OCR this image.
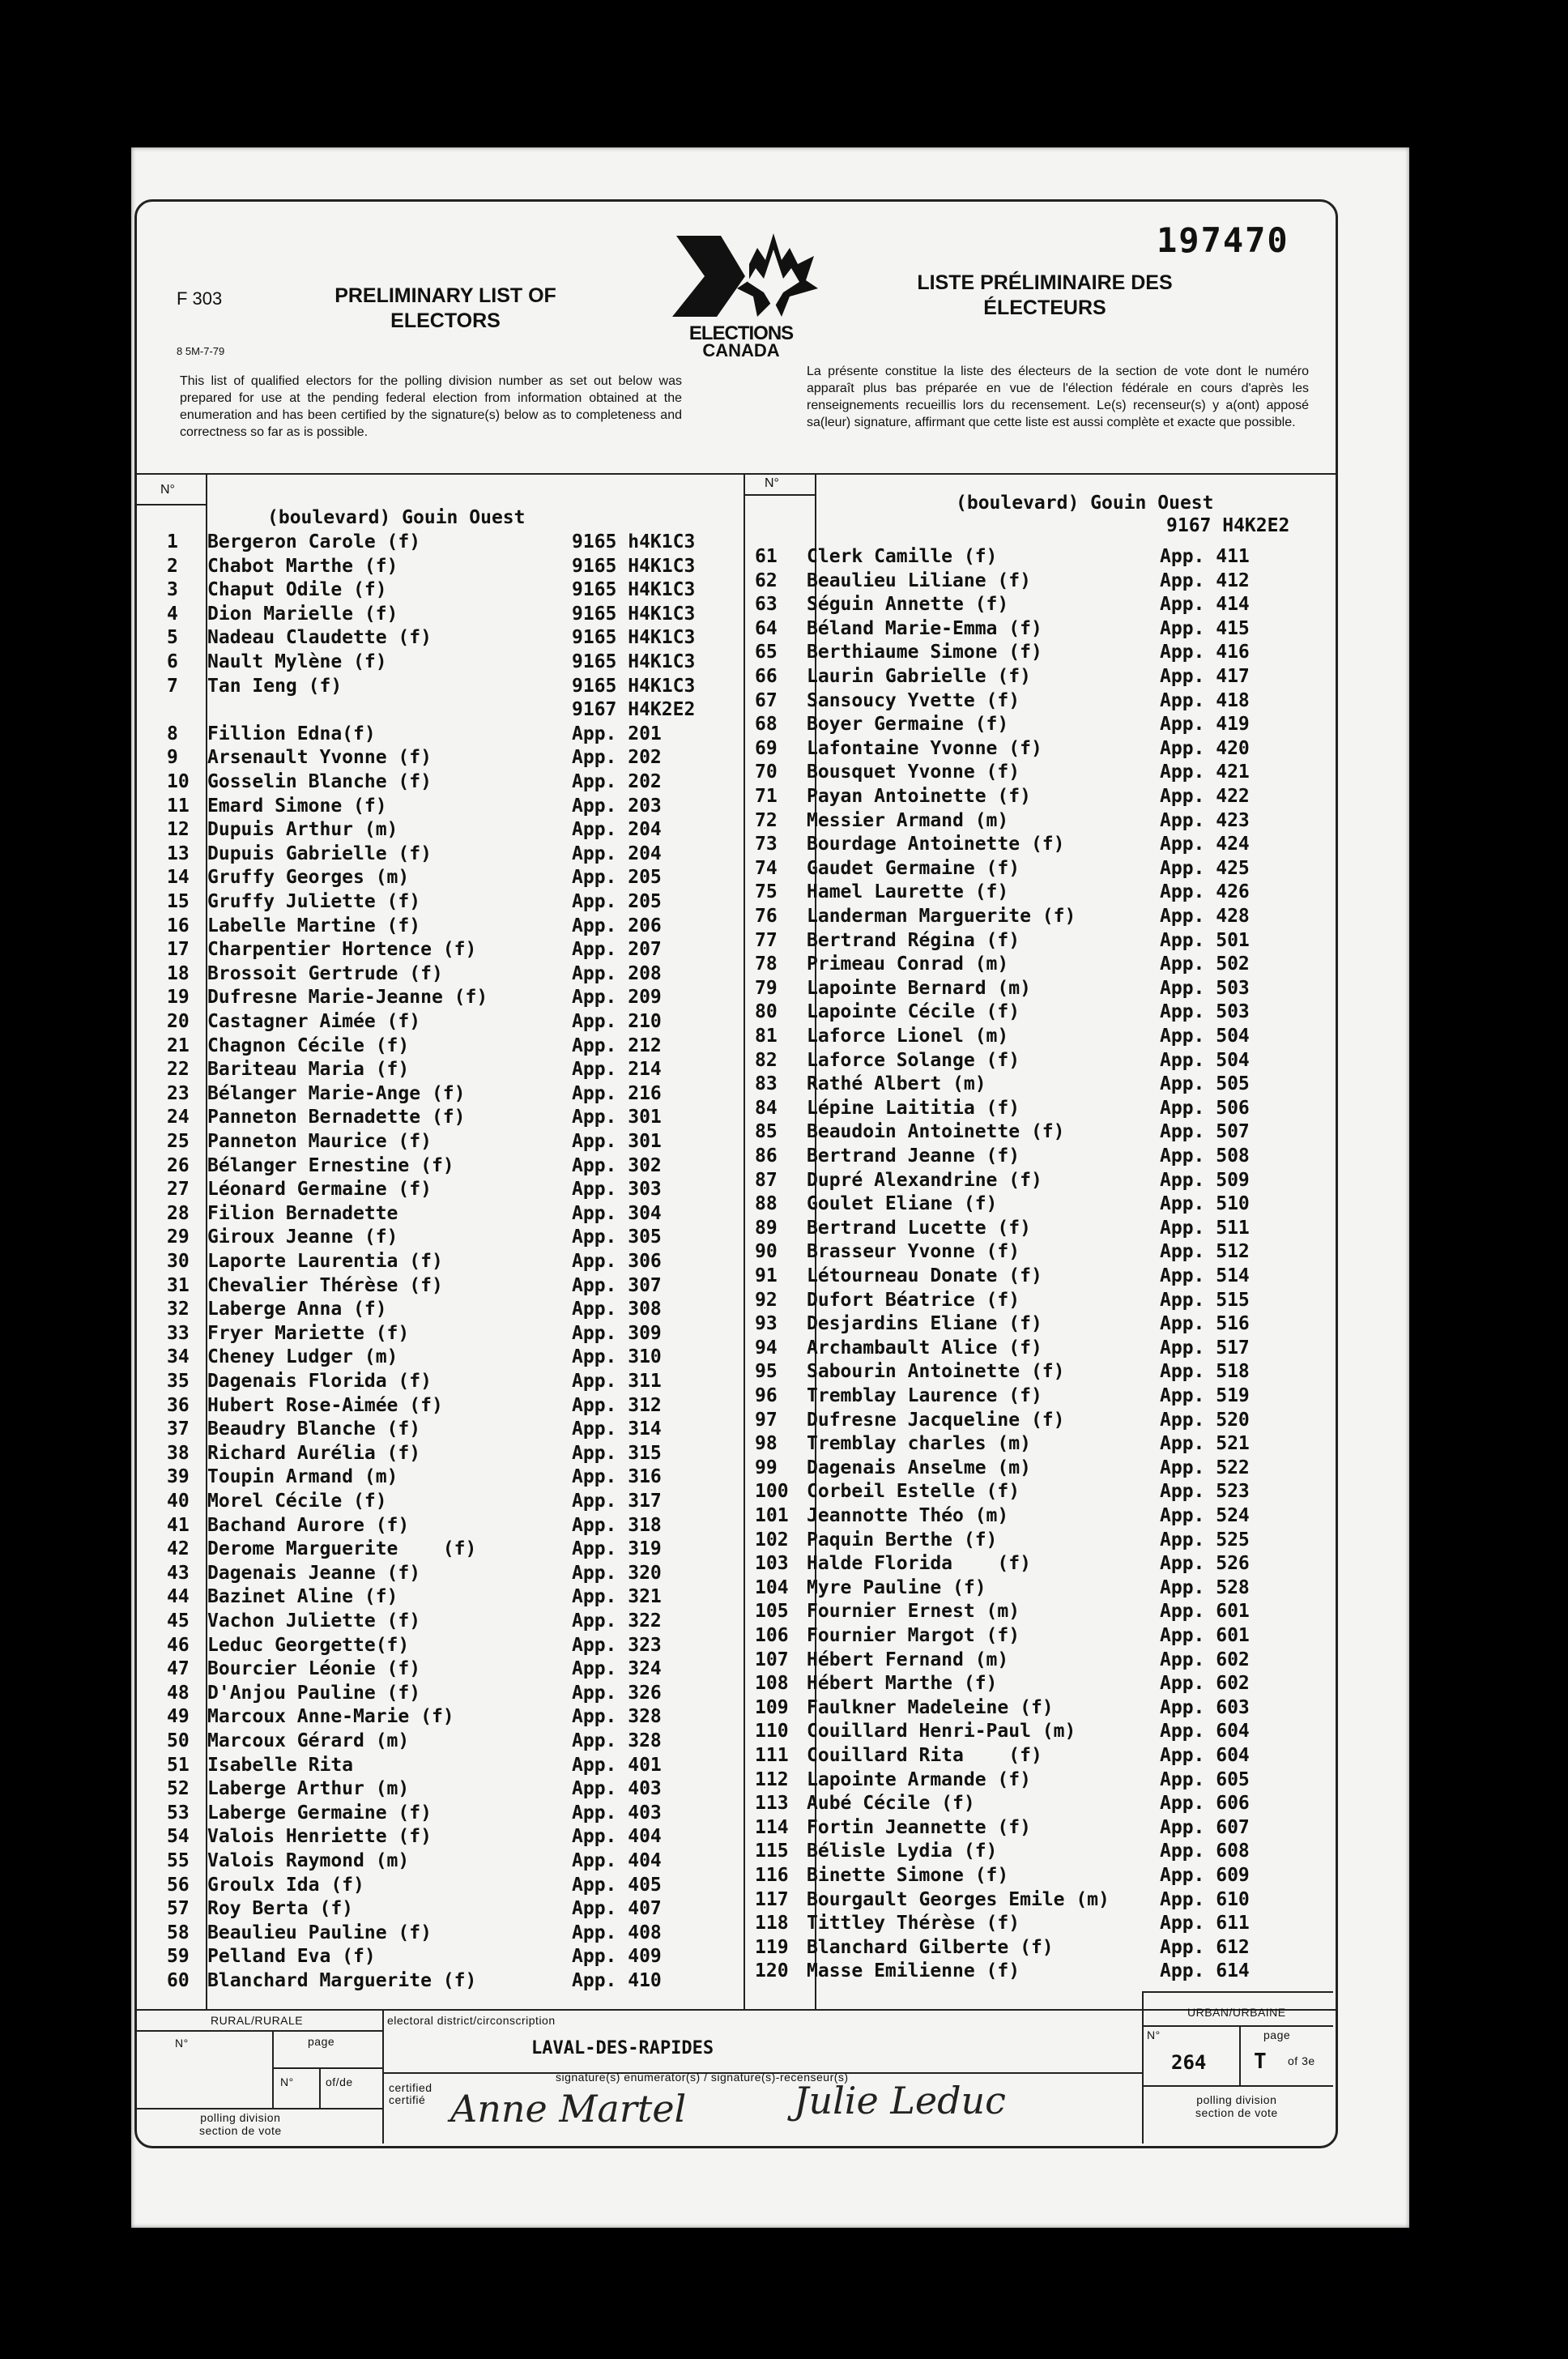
F 303
8 5M-7-79
PRELIMINARY LIST OF
ELECTORS
ELECTIONS
CANADA
197470
LISTE PRÉLIMINAIRE DES
ÉLECTEURS
This list of qualified electors for the polling division number as set out below was prepared for use at the pending federal election from information obtained at the enumeration and has been certified by the signature(s) below as to completeness and correctness so far as is possible.
La présente constitue la liste des électeurs de la section de vote dont le numéro apparaît plus bas préparée en vue de l'élection fédérale en cours d'après les renseignements recueillis lors du recensement. Le(s) recenseur(s) y a(ont) apposé sa(leur) signature, affirmant que cette liste est aussi complète et exacte que possible.
N°	N°
(boulevard) Gouin Ouest
(boulevard) Gouin Ouest
9167 H4K2E2
1 Bergeron Carole (f)	9165 h4K1C3
2 Chabot Marthe (f)	9165 H4K1C3
3 Chaput Odile (f)	9165 H4K1C3
4 Dion Marielle (f)	9165 H4K1C3
5 Nadeau Claudette (f)	9165 H4K1C3
6 Nault Mylène (f)	9165 H4K1C3
7 Tan Ieng (f)	9165 H4K1C3
9167 H4K2E2
8 Fillion Edna(f)	App. 201
9 Arsenault Yvonne (f)	App. 202
10 Gosselin Blanche (f)	App. 202
11 Emard Simone (f)	App. 203
12 Dupuis Arthur (m)	App. 204
13 Dupuis Gabrielle (f)	App. 204
14 Gruffy Georges (m)	App. 205
15 Gruffy Juliette (f)	App. 205
16 Labelle Martine (f)	App. 206
17 Charpentier Hortence (f)	App. 207
18 Brossoit Gertrude (f)	App. 208
19 Dufresne Marie-Jeanne (f)	App. 209
20 Castagner Aimée (f)	App. 210
21 Chagnon Cécile (f)	App. 212
22 Bariteau Maria (f)	App. 214
23 Bélanger Marie-Ange (f)	App. 216
24 Panneton Bernadette (f)	App. 301
25 Panneton Maurice (f)	App. 301
26 Bélanger Ernestine (f)	App. 302
27 Léonard Germaine (f)	App. 303
28 Filion Bernadette	App. 304
29 Giroux Jeanne (f)	App. 305
30 Laporte Laurentia (f)	App. 306
31 Chevalier Thérèse (f)	App. 307
32 Laberge Anna (f)	App. 308
33 Fryer Mariette (f)	App. 309
34 Cheney Ludger (m)	App. 310
35 Dagenais Florida (f)	App. 311
36 Hubert Rose-Aimée (f)	App. 312
37 Beaudry Blanche (f)	App. 314
38 Richard Aurélia (f)	App. 315
39 Toupin Armand (m)	App. 316
40 Morel Cécile (f)	App. 317
41 Bachand Aurore (f)	App. 318
42 Derome Marguerite    (f)	App. 319
43 Dagenais Jeanne (f)	App. 320
44 Bazinet Aline (f)	App. 321
45 Vachon Juliette (f)	App. 322
46 Leduc Georgette(f)	App. 323
47 Bourcier Léonie (f)	App. 324
48 D'Anjou Pauline (f)	App. 326
49 Marcoux Anne-Marie (f)	App. 328
50 Marcoux Gérard (m)	App. 328
51 Isabelle Rita	App. 401
52 Laberge Arthur (m)	App. 403
53 Laberge Germaine (f)	App. 403
54 Valois Henriette (f)	App. 404
55 Valois Raymond (m)	App. 404
56 Groulx Ida (f)	App. 405
57 Roy Berta (f)	App. 407
58 Beaulieu Pauline (f)	App. 408
59 Pelland Eva (f)	App. 409
60 Blanchard Marguerite (f)	App. 410
61 Clerk Camille (f)	App. 411
62 Beaulieu Liliane (f)	App. 412
63 Séguin Annette (f)	App. 414
64 Béland Marie-Emma (f)	App. 415
65 Berthiaume Simone (f)	App. 416
66 Laurin Gabrielle (f)	App. 417
67 Sansoucy Yvette (f)	App. 418
68 Boyer Germaine (f)	App. 419
69 Lafontaine Yvonne (f)	App. 420
70 Bousquet Yvonne (f)	App. 421
71 Payan Antoinette (f)	App. 422
72 Messier Armand (m)	App. 423
73 Bourdage Antoinette (f)	App. 424
74 Gaudet Germaine (f)	App. 425
75 Hamel Laurette (f)	App. 426
76 Landerman Marguerite (f)	App. 428
77 Bertrand Régina (f)	App. 501
78 Primeau Conrad (m)	App. 502
79 Lapointe Bernard (m)	App. 503
80 Lapointe Cécile (f)	App. 503
81 Laforce Lionel (m)	App. 504
82 Laforce Solange (f)	App. 504
83 Rathé Albert (m)	App. 505
84 Lépine Laititia (f)	App. 506
85 Beaudoin Antoinette (f)	App. 507
86 Bertrand Jeanne (f)	App. 508
87 Dupré Alexandrine (f)	App. 509
88 Goulet Eliane (f)	App. 510
89 Bertrand Lucette (f)	App. 511
90 Brasseur Yvonne (f)	App. 512
91 Létourneau Donate (f)	App. 514
92 Dufort Béatrice (f)	App. 515
93 Desjardins Eliane (f)	App. 516
94 Archambault Alice (f)	App. 517
95 Sabourin Antoinette (f)	App. 518
96 Tremblay Laurence (f)	App. 519
97 Dufresne Jacqueline (f)	App. 520
98 Tremblay charles (m)	App. 521
99 Dagenais Anselme (m)	App. 522
100 Corbeil Estelle (f)	App. 523
101 Jeannotte Théo (m)	App. 524
102 Paquin Berthe (f)	App. 525
103 Halde Florida    (f)	App. 526
104 Myre Pauline (f)	App. 528
105 Fournier Ernest (m)	App. 601
106 Fournier Margot (f)	App. 601
107 Hébert Fernand (m)	App. 602
108 Hébert Marthe (f)	App. 602
109 Faulkner Madeleine (f)	App. 603
110 Couillard Henri-Paul (m)	App. 604
111 Couillard Rita    (f)	App. 604
112 Lapointe Armande (f)	App. 605
113 Aubé Cécile (f)	App. 606
114 Fortin Jeannette (f)	App. 607
115 Bélisle Lydia (f)	App. 608
116 Binette Simone (f)	App. 609
117 Bourgault Georges Emile (m)	App. 610
118 Tittley Thérèse (f)	App. 611
119 Blanchard Gilberte (f)	App. 612
120 Masse Emilienne (f)	App. 614
RURAL/RURALE
N°	page
N°	of/de
polling division
section de vote
electoral district/circonscription
LAVAL-DES-RAPIDES
certified
certifié
signature(s) enumerator(s) / signature(s)-recenseur(s)
Anne Martel	Julie Leduc
URBAN/URBAINE
N°	page
264 T of 3e
polling division
section de vote
